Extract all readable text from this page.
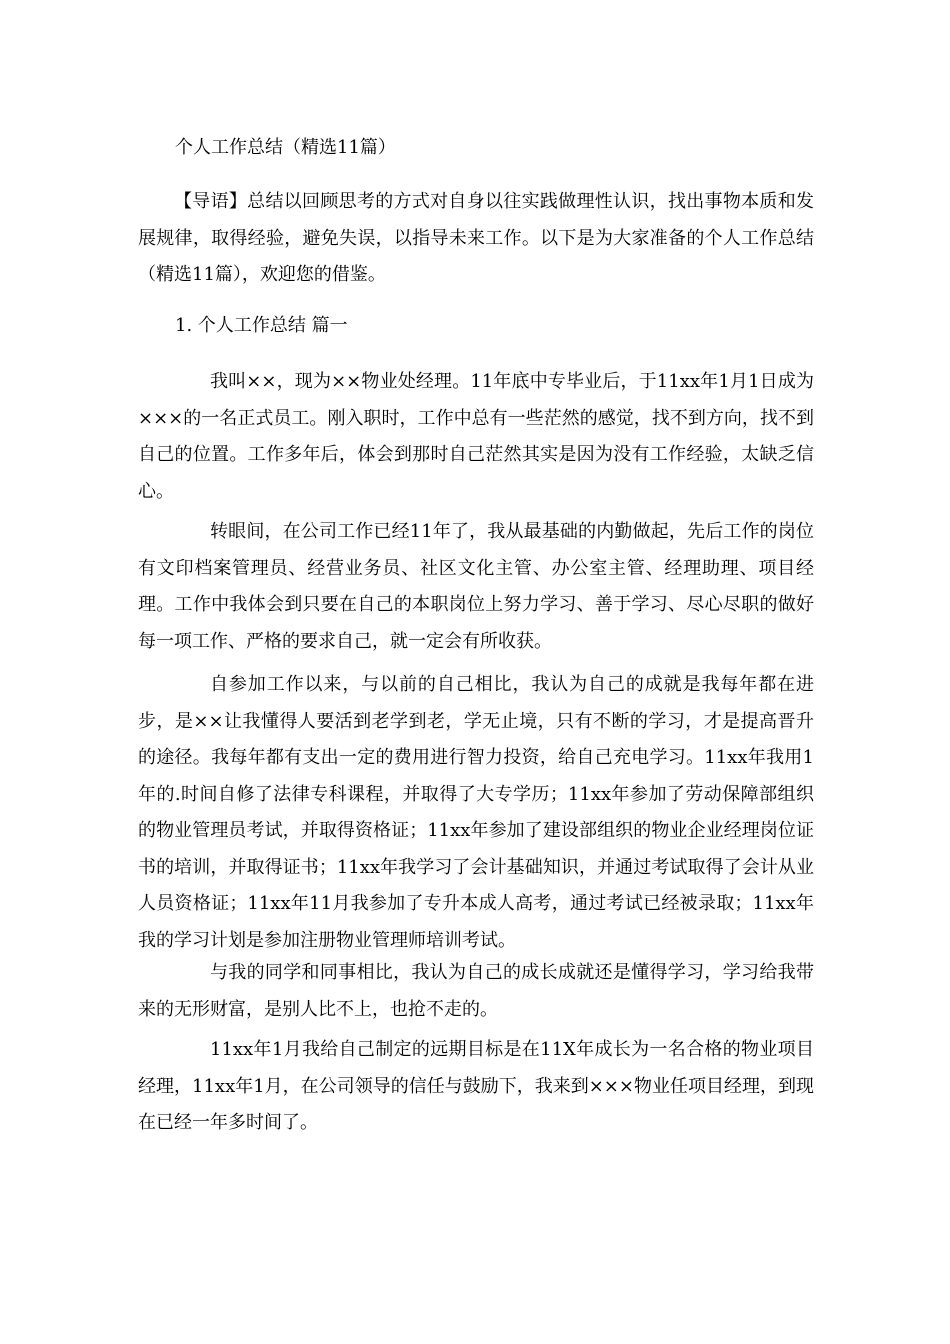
个人工作总结（精选11篇）
【导语】总结以回顾思考的方式对自身以往实践做理性认识，找出事物本质和发展规律，取得经验，避免失误，以指导未来工作。以下是为大家准备的个人工作总结（精选11篇），欢迎您的借鉴。
1. 个人工作总结 篇一
我叫××，现为××物业处经理。11年底中专毕业后，于11xx年1月1日成为×××的一名正式员工。刚入职时，工作中总有一些茫然的感觉，找不到方向，找不到自己的位置。工作多年后，体会到那时自己茫然其实是因为没有工作经验，太缺乏信心。
转眼间，在公司工作已经11年了，我从最基础的内勤做起，先后工作的岗位有文印档案管理员、经营业务员、社区文化主管、办公室主管、经理助理、项目经理。工作中我体会到只要在自己的本职岗位上努力学习、善于学习、尽心尽职的做好每一项工作、严格的要求自己，就一定会有所收获。
自参加工作以来，与以前的自己相比，我认为自己的成就是我每年都在进步，是××让我懂得人要活到老学到老，学无止境，只有不断的学习，才是提高晋升的途径。我每年都有支出一定的费用进行智力投资，给自己充电学习。11xx年我用1年的.时间自修了法律专科课程，并取得了大专学历；11xx年参加了劳动保障部组织的物业管理员考试，并取得资格证；11xx年参加了建设部组织的物业企业经理岗位证书的培训，并取得证书；11xx年我学习了会计基础知识，并通过考试取得了会计从业人员资格证；11xx年11月我参加了专升本成人高考，通过考试已经被录取；11xx年我的学习计划是参加注册物业管理师培训考试。
与我的同学和同事相比，我认为自己的成长成就还是懂得学习，学习给我带来的无形财富，是别人比不上，也抢不走的。
11xx年1月我给自己制定的远期目标是在11X年成长为一名合格的物业项目经理，11xx年1月，在公司领导的信任与鼓励下，我来到×××物业任项目经理，到现在已经一年多时间了。
